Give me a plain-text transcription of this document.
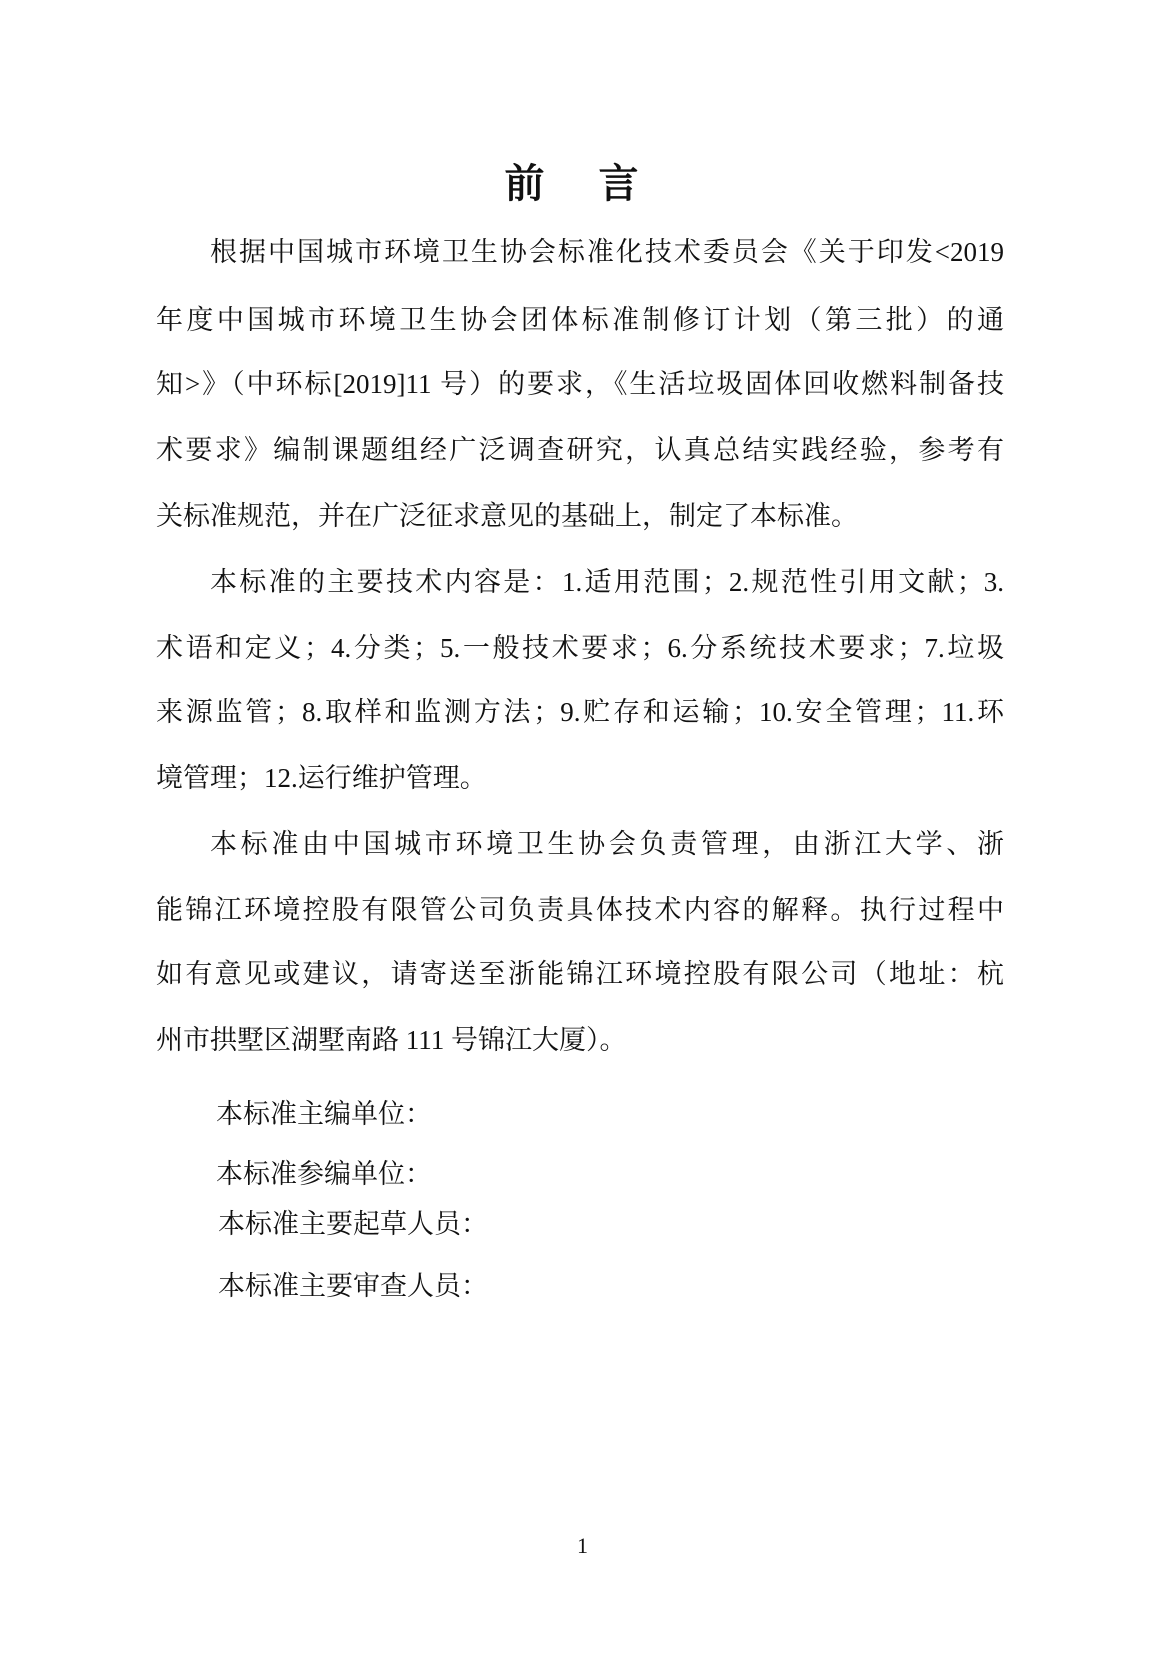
前 言
根据中国城市环境卫生协会标准化技术委员会《关于印发<2019
年度中国城市环境卫生协会团体标准制修订计划（第三批）的通
知>》（中环标[2019]11 号）的要求，《生活垃圾固体回收燃料制备技
术要求》编制课题组经广泛调查研究，认真总结实践经验，参考有
关标准规范，并在广泛征求意见的基础上，制定了本标准。
本标准的主要技术内容是：1.适用范围；2.规范性引用文献；3.
术语和定义；4.分类；5.一般技术要求；6.分系统技术要求；7.垃圾
来源监管；8.取样和监测方法；9.贮存和运输；10.安全管理；11.环
境管理；12.运行维护管理。
本标准由中国城市环境卫生协会负责管理，由浙江大学、浙
能锦江环境控股有限管公司负责具体技术内容的解释。执行过程中
如有意见或建议，请寄送至浙能锦江环境控股有限公司（地址：杭
州市拱墅区湖墅南路 111 号锦江大厦）。
本标准主编单位：
本标准参编单位：
本标准主要起草人员：
本标准主要审查人员：
1
